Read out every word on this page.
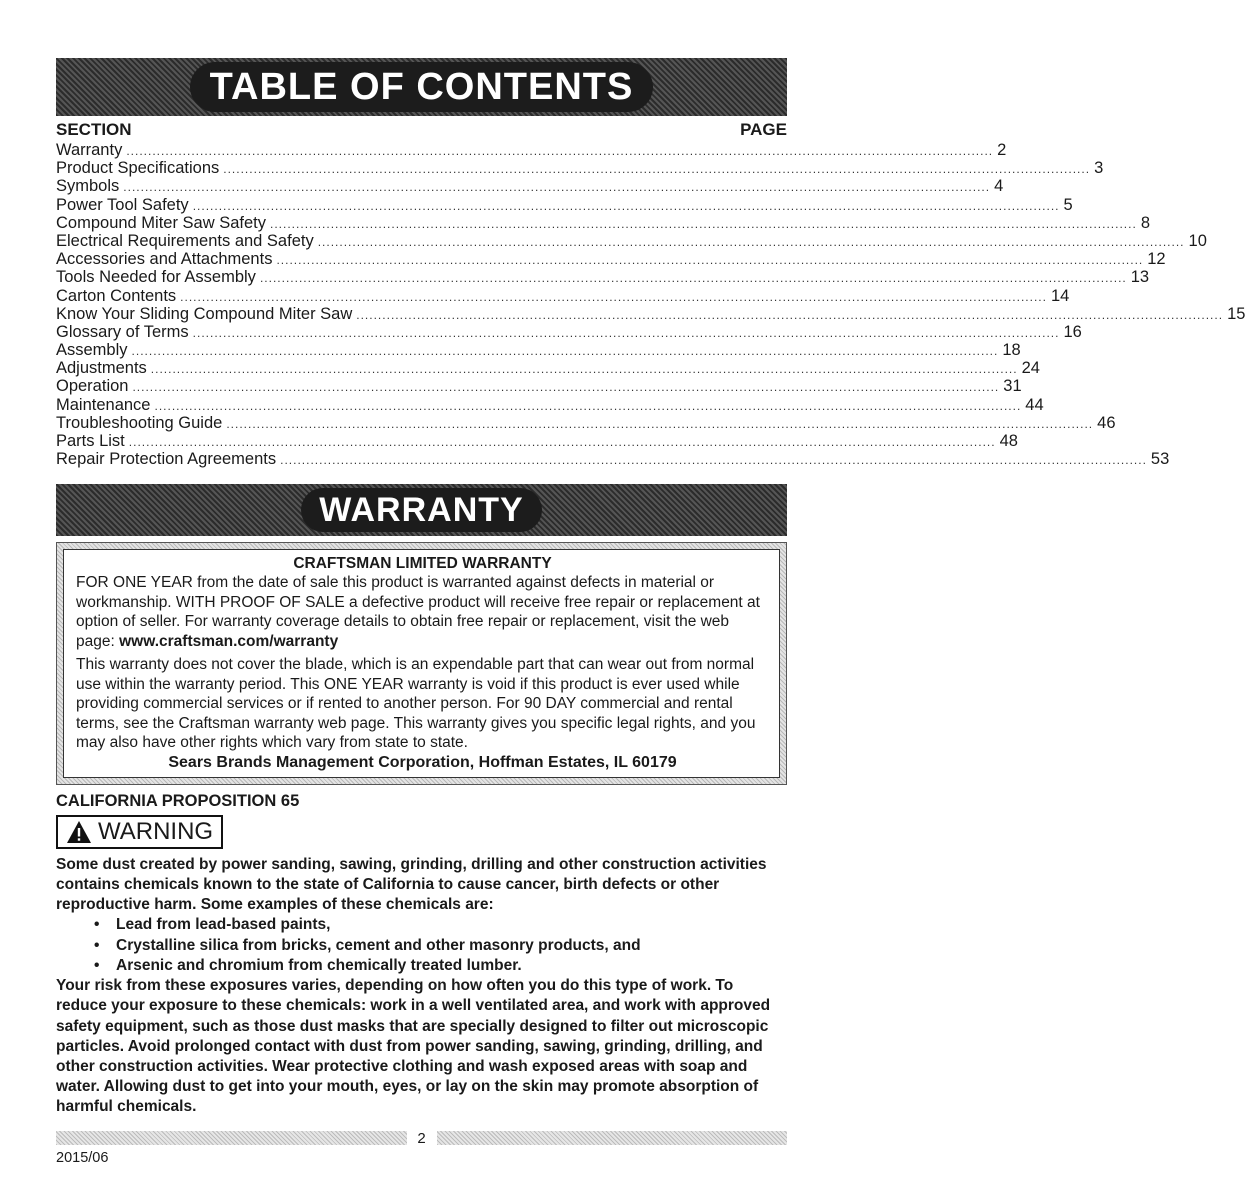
TABLE OF CONTENTS
SECTION	PAGE
Warranty ........................................................................................................................................................................................................ 2
Product Specifications ........................................................................................................................................................................................................ 3
Symbols ........................................................................................................................................................................................................ 4
Power Tool Safety ........................................................................................................................................................................................................ 5
Compound Miter Saw Safety ........................................................................................................................................................................................................ 8
Electrical Requirements and Safety ........................................................................................................................................................................................................ 10
Accessories and Attachments ........................................................................................................................................................................................................ 12
Tools Needed for Assembly ........................................................................................................................................................................................................ 13
Carton Contents ........................................................................................................................................................................................................ 14
Know Your Sliding Compound Miter Saw ........................................................................................................................................................................................................ 15
Glossary of Terms ........................................................................................................................................................................................................ 16
Assembly ........................................................................................................................................................................................................ 18
Adjustments ........................................................................................................................................................................................................ 24
Operation ........................................................................................................................................................................................................ 31
Maintenance ........................................................................................................................................................................................................ 44
Troubleshooting Guide ........................................................................................................................................................................................................ 46
Parts List ........................................................................................................................................................................................................ 48
Repair Protection Agreements ........................................................................................................................................................................................................ 53
WARRANTY
CRAFTSMAN LIMITED WARRANTY

FOR ONE YEAR from the date of sale this product is warranted against defects in material or workmanship. WITH PROOF OF SALE a defective product will receive free repair or replacement at option of seller. For warranty coverage details to obtain free repair or replacement, visit the web page: www.craftsman.com/warranty

This warranty does not cover the blade, which is an expendable part that can wear out from normal use within the warranty period. This ONE YEAR warranty is void if this product is ever used while providing commercial services or if rented to another person. For 90 DAY commercial and rental terms, see the Craftsman warranty web page. This warranty gives you specific legal rights, and you may also have other rights which vary from state to state.

Sears Brands Management Corporation, Hoffman Estates, IL 60179
CALIFORNIA PROPOSITION 65
WARNING

Some dust created by power sanding, sawing, grinding, drilling and other construction activities contains chemicals known to the state of California to cause cancer, birth defects or other reproductive harm. Some examples of these chemicals are:

• Lead from lead-based paints,
• Crystalline silica from bricks, cement and other masonry products, and
• Arsenic and chromium from chemically treated lumber.

Your risk from these exposures varies, depending on how often you do this type of work. To reduce your exposure to these chemicals: work in a well ventilated area, and work with approved safety equipment, such as those dust masks that are specially designed to filter out microscopic particles. Avoid prolonged contact with dust from power sanding, sawing, grinding, drilling, and other construction activities. Wear protective clothing and wash exposed areas with soap and water. Allowing dust to get into your mouth, eyes, or lay on the skin may promote absorption of harmful chemicals.

2
2015/06
